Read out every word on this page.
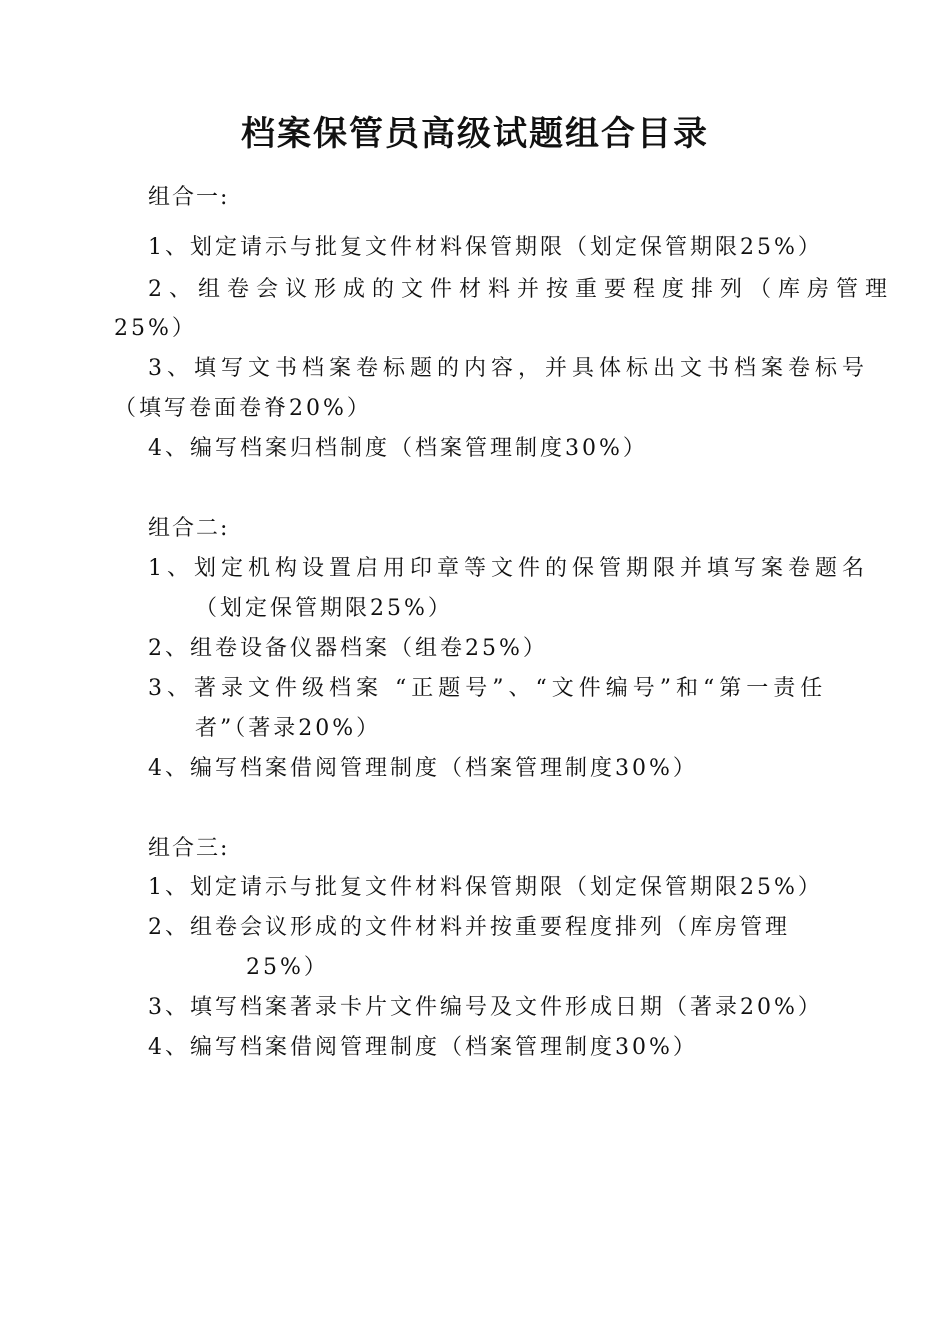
档案保管员高级试题组合目录
组合一:
1、划定请示与批复文件材料保管期限（划定保管期限25%）
2、组卷会议形成的文件材料并按重要程度排列（库房管理
25%）
3、填写文书档案卷标题的内容，并具体标出文书档案卷标号
（填写卷面卷脊20%）
4、编写档案归档制度（档案管理制度30%）
组合二:
1、划定机构设置启用印章等文件的保管期限并填写案卷题名
（划定保管期限25%）
2、组卷设备仪器档案（组卷25%）
3、著录文件级档案 “正题号”、“文件编号”和“第一责任
者”（著录20%）
4、编写档案借阅管理制度（档案管理制度30%）
组合三:
1、划定请示与批复文件材料保管期限（划定保管期限25%）
2、组卷会议形成的文件材料并按重要程度排列（库房管理
25%）
3、填写档案著录卡片文件编号及文件形成日期（著录20%）
4、编写档案借阅管理制度（档案管理制度30%）
